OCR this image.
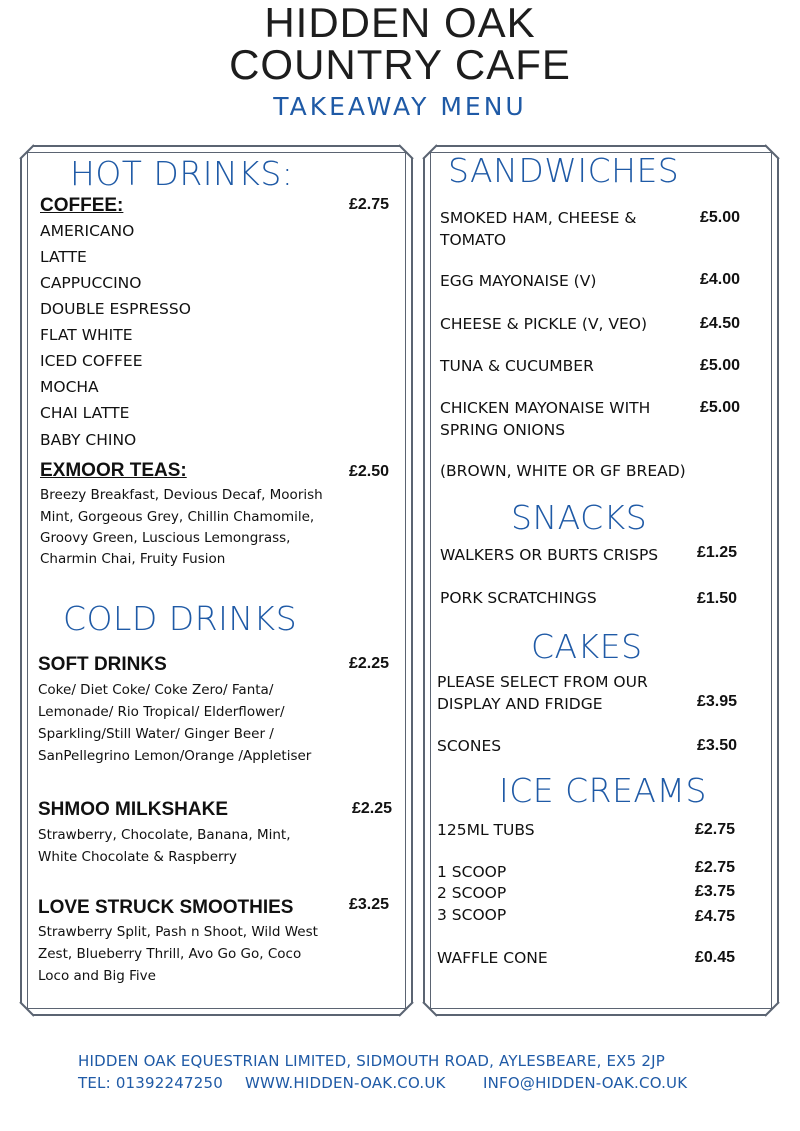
HIDDEN OAK
COUNTRY CAFE
TAKEAWAY MENU
HOT DRINKS:
COFFEE:	£2.75
AMERICANO
LATTE
CAPPUCCINO
DOUBLE ESPRESSO
FLAT WHITE
ICED COFFEE
MOCHA
CHAI LATTE
BABY CHINO
EXMOOR TEAS:	£2.50
Breezy Breakfast, Devious Decaf, Moorish
Mint, Gorgeous Grey, Chillin Chamomile,
Groovy Green, Luscious Lemongrass,
Charmin Chai, Fruity Fusion
COLD DRINKS
SOFT DRINKS	£2.25
Coke/ Diet Coke/ Coke Zero/ Fanta/
Lemonade/ Rio Tropical/ Elderflower/
Sparkling/Still Water/ Ginger Beer /
SanPellegrino Lemon/Orange /Appletiser
SHMOO MILKSHAKE	£2.25
Strawberry, Chocolate, Banana, Mint,
White Chocolate & Raspberry
LOVE STRUCK SMOOTHIES	£3.25
Strawberry Split, Pash n Shoot, Wild West
Zest, Blueberry Thrill, Avo Go Go, Coco
Loco and Big Five
SANDWICHES
SMOKED HAM, CHEESE &
TOMATO
£5.00
EGG MAYONAISE (V)	£4.00
CHEESE & PICKLE (V, VEO)	£4.50
TUNA & CUCUMBER	£5.00
CHICKEN MAYONAISE WITH
SPRING ONIONS
£5.00
(BROWN, WHITE OR GF BREAD)
SNACKS
WALKERS OR BURTS CRISPS £1.25
PORK SCRATCHINGS	£1.50
CAKES
PLEASE SELECT FROM OUR
DISPLAY AND FRIDGE	£3.95
SCONES	£3.50
ICE CREAMS
125ML TUBS	£2.75
1 SCOOP	£2.75
2 SCOOP	£3.75
3 SCOOP	£4.75
WAFFLE CONE	£0.45
HIDDEN OAK EQUESTRIAN LIMITED, SIDMOUTH ROAD, AYLESBEARE, EX5 2JP
TEL: 01392247250 WWW.HIDDEN-OAK.CO.UK INFO@HIDDEN-OAK.CO.UK
